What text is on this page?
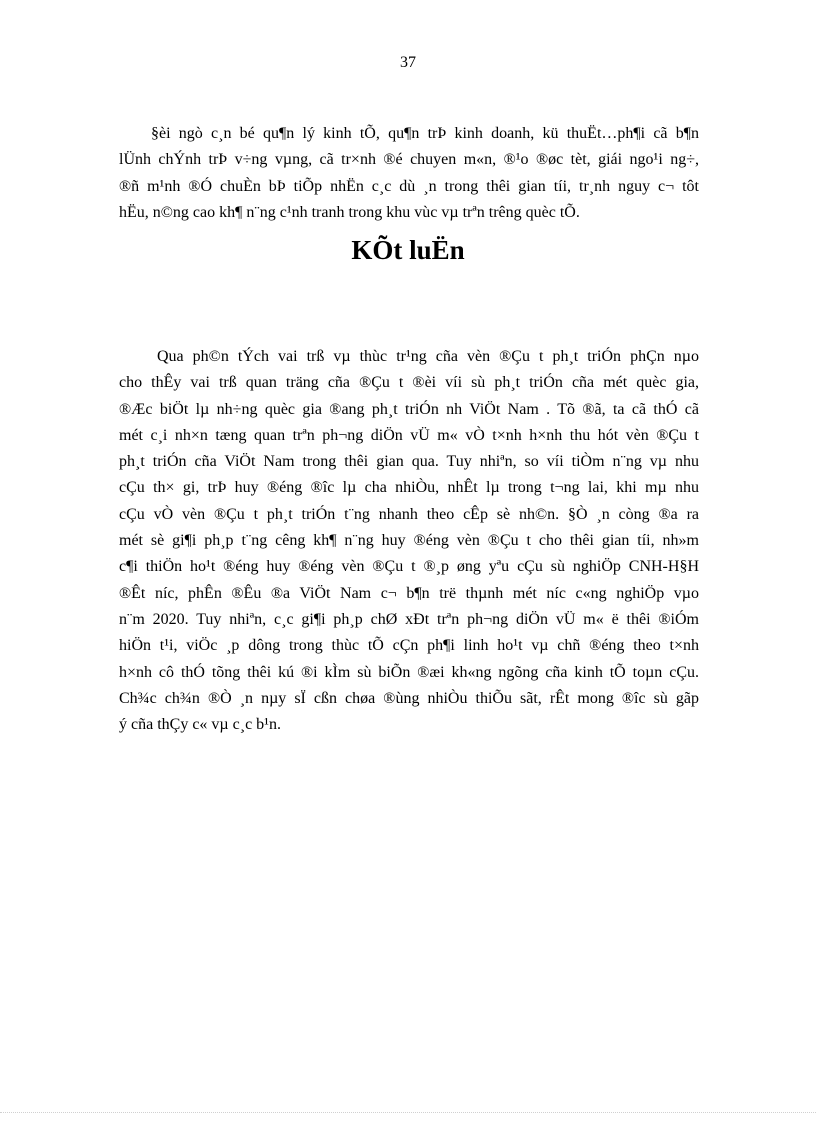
37
§èi ngò c¸n bé qu¶n lý kinh tÕ, qu¶n trÞ kinh doanh, kü thuËt…ph¶i cã b¶n
lÜnh chÝnh trÞ v÷ng vµng, cã tr×nh ®é chuyen m«n, ®¹o ®øc tèt, giái ngo¹i ng÷,
®ñ m¹nh ®Ó chuÈn bÞ tiÕp nhËn c¸c dù ¸n trong thêi gian tíi, tr¸nh nguy c¬ tôt
hËu, n©ng cao kh¶ n¨ng c¹nh tranh trong khu vùc vµ trªn trêng quèc tÕ.
KÕt luËn
Qua ph©n tÝch vai trß vµ thùc tr¹ng cña vèn ®Çu t ph¸t triÓn phÇn nµo
cho thÊy vai trß quan träng cña ®Çu t ®èi víi sù ph¸t triÓn cña mét quèc gia,
®Æc biÖt lµ nh÷ng quèc gia ®ang ph¸t triÓn nh ViÖt Nam . Tõ ®ã, ta cã thÓ cã
mét c¸i nh×n tæng quan trªn ph¬ng diÖn vÜ m« vÒ t×nh h×nh thu hót vèn ®Çu t
ph¸t triÓn cña ViÖt Nam trong thêi gian qua. Tuy nhiªn, so víi tiÒm n¨ng vµ nhu
cÇu th× gi, trÞ huy ®éng ®îc lµ cha nhiÒu, nhÊt lµ trong t¬ng lai, khi mµ nhu
cÇu vÒ vèn ®Çu t ph¸t triÓn t¨ng nhanh theo cÊp sè nh©n. §Ò ¸n còng ®a ra
mét sè gi¶i ph¸p t¨ng cêng kh¶ n¨ng huy ®éng vèn ®Çu t cho thêi gian tíi, nh»m
c¶i thiÖn ho¹t ®éng huy ®éng vèn ®Çu t ®¸p øng yªu cÇu sù nghiÖp CNH-H§H
®Êt níc, phÊn ®Êu ®a ViÖt Nam c¬ b¶n trë thµnh mét níc c«ng nghiÖp vµo
n¨m 2020. Tuy nhiªn, c¸c gi¶i ph¸p chØ xÐt trªn ph¬ng diÖn vÜ m« ë thêi ®iÓm
hiÖn t¹i, viÖc ¸p dông trong thùc tÕ cÇn ph¶i linh ho¹t vµ chñ ®éng theo t×nh
h×nh cô thÓ tõng thêi kú ®i kÌm sù biÕn ®æi kh«ng ngõng cña kinh tÕ toµn cÇu.
Ch¾c ch¾n ®Ò ¸n nµy sÏ cßn chøa ®ùng nhiÒu thiÕu sãt, rÊt mong ®îc sù gãp
ý cña thÇy c« vµ c¸c b¹n.
